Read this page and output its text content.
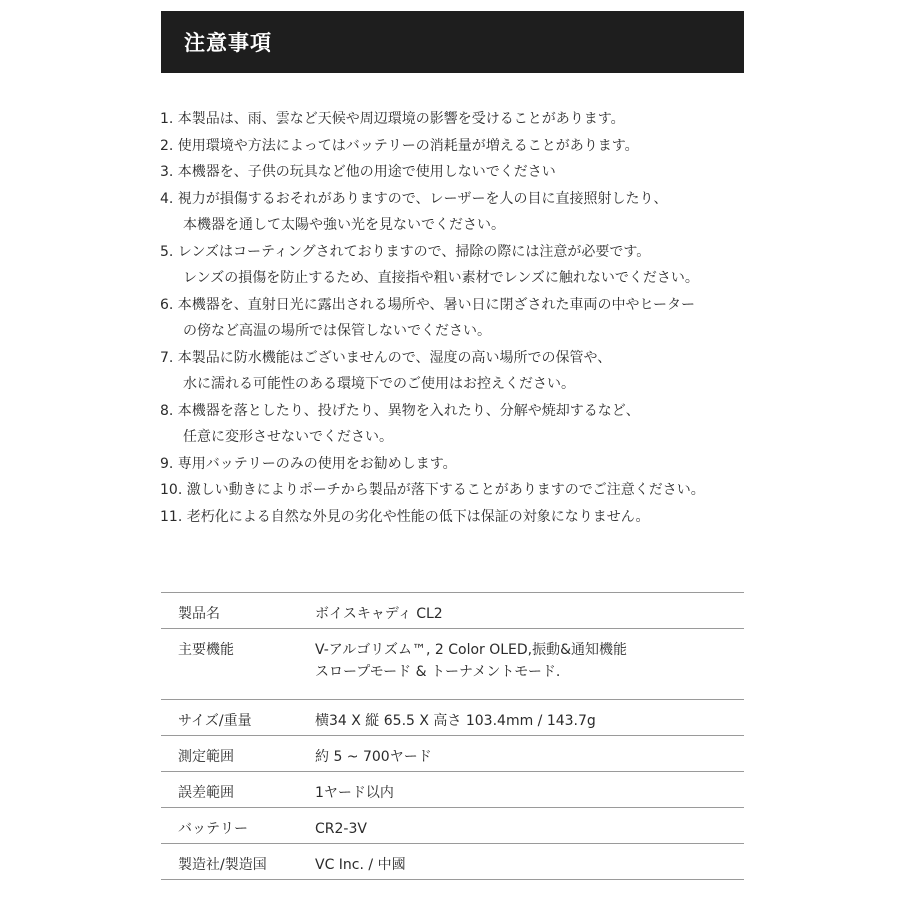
注意事項
1. 本製品は、雨、雲など天候や周辺環境の影響を受けることがあります。
2. 使用環境や方法によってはバッテリーの消耗量が増えることがあります。
3. 本機器を、子供の玩具など他の用途で使用しないでください
4. 視力が損傷するおそれがありますので、レーザーを人の目に直接照射したり、
本機器を通して太陽や強い光を見ないでください。
5. レンズはコーティングされておりますので、掃除の際には注意が必要です。
レンズの損傷を防止するため、直接指や粗い素材でレンズに触れないでください。
6. 本機器を、直射日光に露出される場所や、暑い日に閉ざされた車両の中やヒーター
の傍など高温の場所では保管しないでください。
7. 本製品に防水機能はございませんので、湿度の高い場所での保管や、
水に濡れる可能性のある環境下でのご使用はお控えください。
8. 本機器を落としたり、投げたり、異物を入れたり、分解や焼却するなど、
任意に変形させないでください。
9. 専用バッテリーのみの使用をお勧めします。
10. 激しい動きによりポーチから製品が落下することがありますのでご注意ください。
11. 老朽化による自然な外見の劣化や性能の低下は保証の対象になりません。
製品名	ボイスキャディ CL2

主要機能	V-アルゴリズム™, 2 Color OLED,振動&通知機能
スロープモード & トーナメントモード.

サイズ/重量	横34 X 縦 65.5 X 高さ 103.4mm / 143.7g

測定範囲	約 5 ~ 700ヤード

誤差範囲	1ヤード以内

バッテリー	CR2-3V

製造社/製造国	VC Inc. / 中國
